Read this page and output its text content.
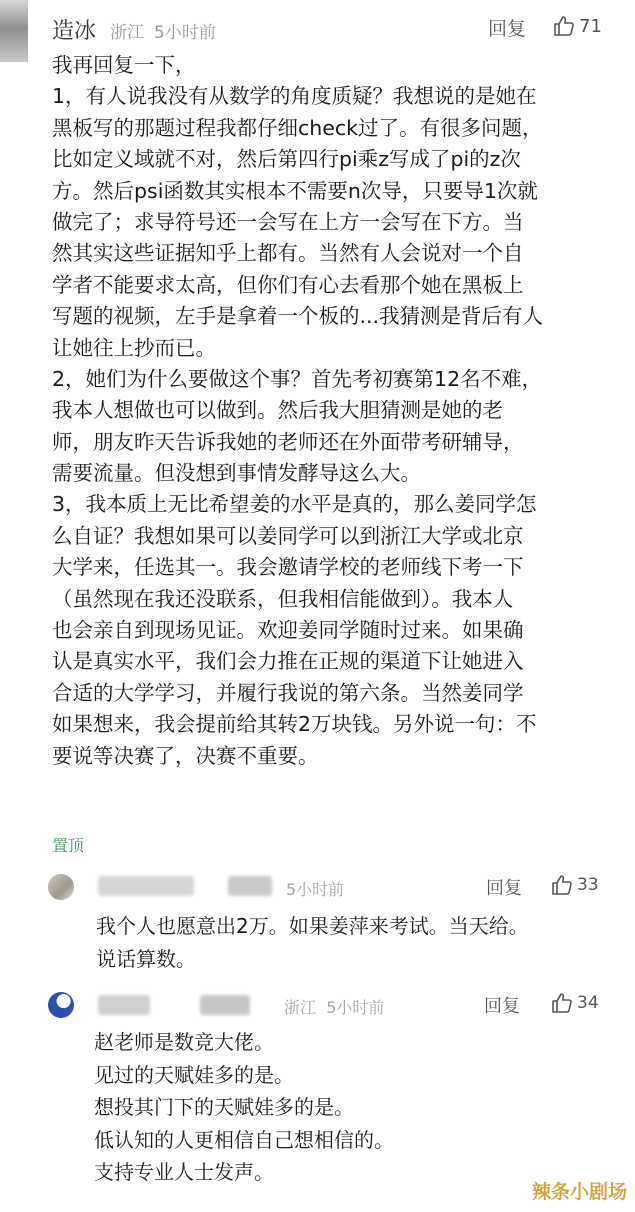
造冰 浙江 5小时前	回复	71
我再回复一下，
1，有人说我没有从数学的角度质疑？我想说的是她在
黑板写的那题过程我都仔细check过了。有很多问题，
比如定义域就不对，然后第四行pi乘z写成了pi的z次
方。然后psi函数其实根本不需要n次导，只要导1次就
做完了；求导符号还一会写在上方一会写在下方。当
然其实这些证据知乎上都有。当然有人会说对一个自
学者不能要求太高，但你们有心去看那个她在黑板上
写题的视频，左手是拿着一个板的...我猜测是背后有人
让她往上抄而已。
2，她们为什么要做这个事？首先考初赛第12名不难，
我本人想做也可以做到。然后我大胆猜测是她的老
师，朋友昨天告诉我她的老师还在外面带考研辅导，
需要流量。但没想到事情发酵导这么大。
3，我本质上无比希望姜的水平是真的，那么姜同学怎
么自证？我想如果可以姜同学可以到浙江大学或北京
大学来，任选其一。我会邀请学校的老师线下考一下
（虽然现在我还没联系，但我相信能做到）。我本人
也会亲自到现场见证。欢迎姜同学随时过来。如果确
认是真实水平，我们会力推在正规的渠道下让她进入
合适的大学学习，并履行我说的第六条。当然姜同学
如果想来，我会提前给其转2万块钱。另外说一句：不
要说等决赛了，决赛不重要。
置顶
5小时前	回复	33
我个人也愿意出2万。如果姜萍来考试。当天给。
说话算数。
浙江 5小时前	回复	34
赵老师是数竞大佬。
见过的天赋娃多的是。
想投其门下的天赋娃多的是。
低认知的人更相信自己想相信的。
支持专业人士发声。
辣条小剧场
